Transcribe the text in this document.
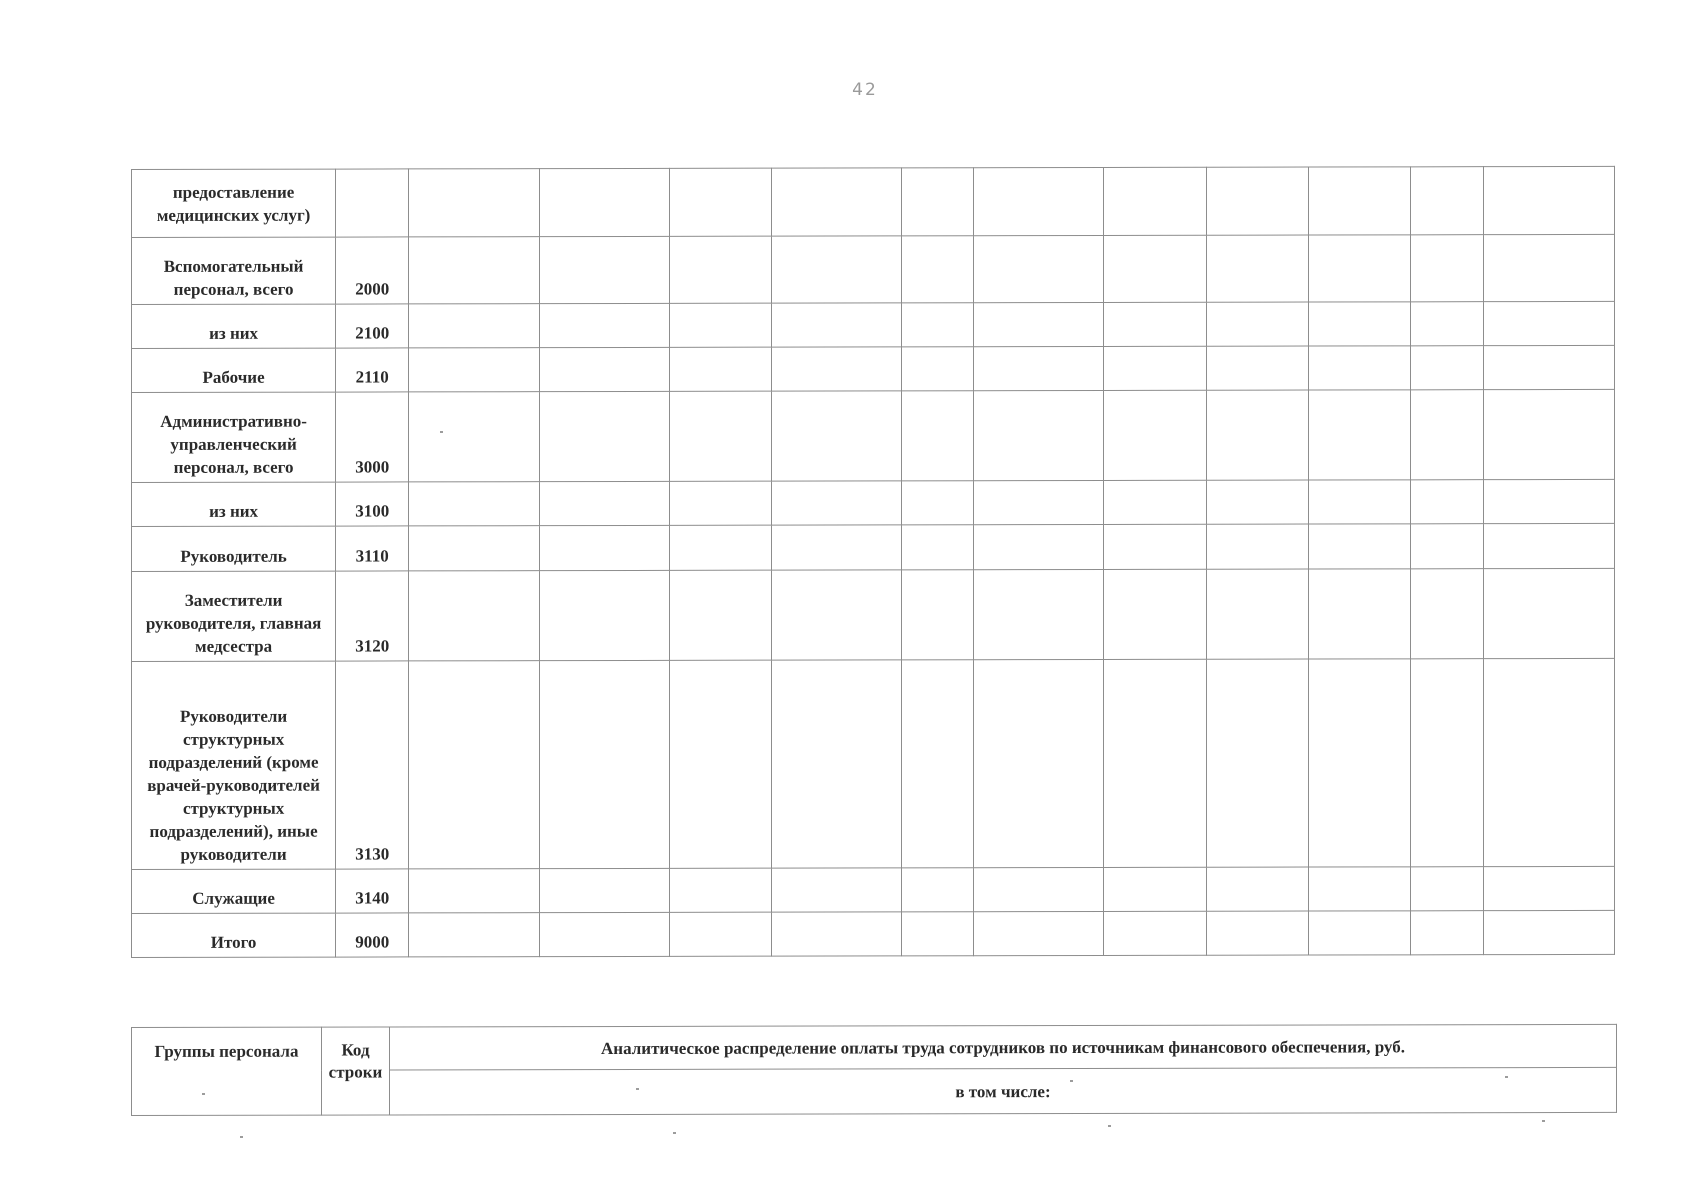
42
предоставление медицинских услуг)												
Вспомогательный персонал, всего	2000											
из них	2100											
Рабочие	2110											
Административно-управленческий персонал, всего	3000											
из них	3100											
Руководитель	3110											
Заместители руководителя, главная медсестра	3120											
Руководители структурных подразделений (кроме врачей-руководителей структурных подразделений), иные руководители	3130											
Служащие	3140											
Итого	9000											
Группы персонала	Код строки	Аналитическое распределение оплаты труда сотрудников по источникам финансового обеспечения, руб.
в том числе:
